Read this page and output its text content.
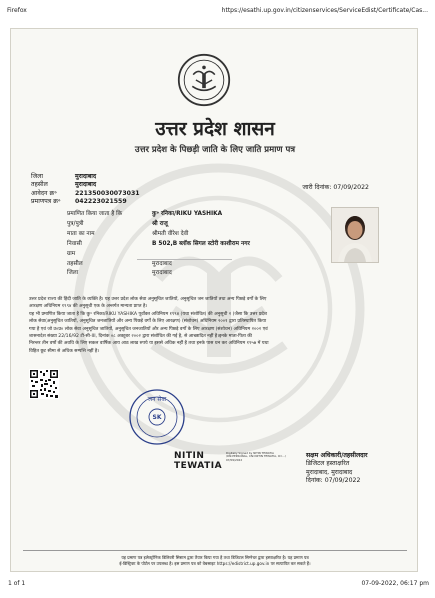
Firefox	https://esathi.up.gov.in/citizenservices/ServiceEdist/Certificate/Cas...
उत्तर प्रदेश शासन
उत्तर प्रदेश के पिछड़ी जाति के लिए जाति प्रमाण पत्र
जिला	मुरादाबाद
तहसील	मुरादाबाद
आवेदन क्र॰	221350030073031
प्रमाणपत्र क्र॰	042223021559
जारी दिनांक: 07/09/2022
प्रमाणित किया जाता है कि	कु॰ रनिका/RIKU YASHIKA
पुत्र/पुत्री	श्री राजू
माता का नाम	श्रीमती वीरेश देवी
निवासी	B 502,B ब्लॉक सिगल स्टोरी काशीराम नगर
ग्राम
तहसील	मुरादाबाद
जिला	मुरादाबाद
उत्तर प्रदेश राज्य की हिंदी जाति के व्यक्ति है। यह उत्तर प्रदेश लोक सेवा अनुसूचित जातियों, अनुसूचित जन जातियों तथा अन्य पिछड़े वर्गों के लिए
आरक्षण अधिनियम १९९४ की अनुसूची एक के अन्तर्गत मान्यता प्राप्त है।
यह भी प्रमाणित किया जाता है कि कु॰ रनिका/RIKU YASHIKA पूर्वोक्त अधिनियम १९९४ (यथा संशोधित) की अनुसूची २ (जैसा कि उत्तर प्रदेश
लोक सेवा(अनुसूचित जातियों, अनुसूचित जनजातियों और अन्य पिछड़े वर्गों के लिए आरक्षण) (संशोधन) अधिनियम २००१ द्वारा प्रतिस्थापित किया
गया है एवं जो उ०प्र० लोक सेवा अनुसूचित जातियों, अनुसूचित जनजातियों और अन्य पिछड़े वर्गों के लिए आरक्षण (संशोधन) अधिनियम २००२ एवं
शासनादेश संख्या 22/16/92 टी-सी-III, दिनांक ०८ अक्टूबर २००२ द्वारा संशोधित की गई है, से आच्छादित नहीं है।इनके माता-पिता की
निरन्तर तीन वर्षो की अवधि के लिए सकल वार्षिक आय आठ लाख रुपये या इससे अधिक नहीं है तथा इनके पास धन कर अधिनियम १९५७ में यथा
विहित छूट सीमा से अधिक सम्पत्ति नहीं है।
जन सेवा
SK
NITIN
TEWATIA
Digitally Signed by NITIN TEWATIA (DN:PERSONAL, CN=NITIN TEWATIA, O=...) 07/09/2022
सक्षम अधिकारी/तहसीलदार
डिजिटल हस्ताक्षरित
मुरादाबाद, मुरादाबाद
दिनांक: 07/09/2022
यह प्रमाण पत्र इलेक्ट्रॉनिक डिलिवरी सिस्टम द्वारा तैयार किया गया है तथा डिजिटल सिग्नेचर द्वारा हस्ताक्षरित है। यह प्रमाण पत्र
ई-डिस्ट्रिक्ट के पोर्टल पर उपलब्ध है। इस प्रमाण पत्र को वेबसाइट https://edistrict.up.gov.in पर सत्यापित कर सकते हैं।
1 of 1	07-09-2022, 06:17 pm
